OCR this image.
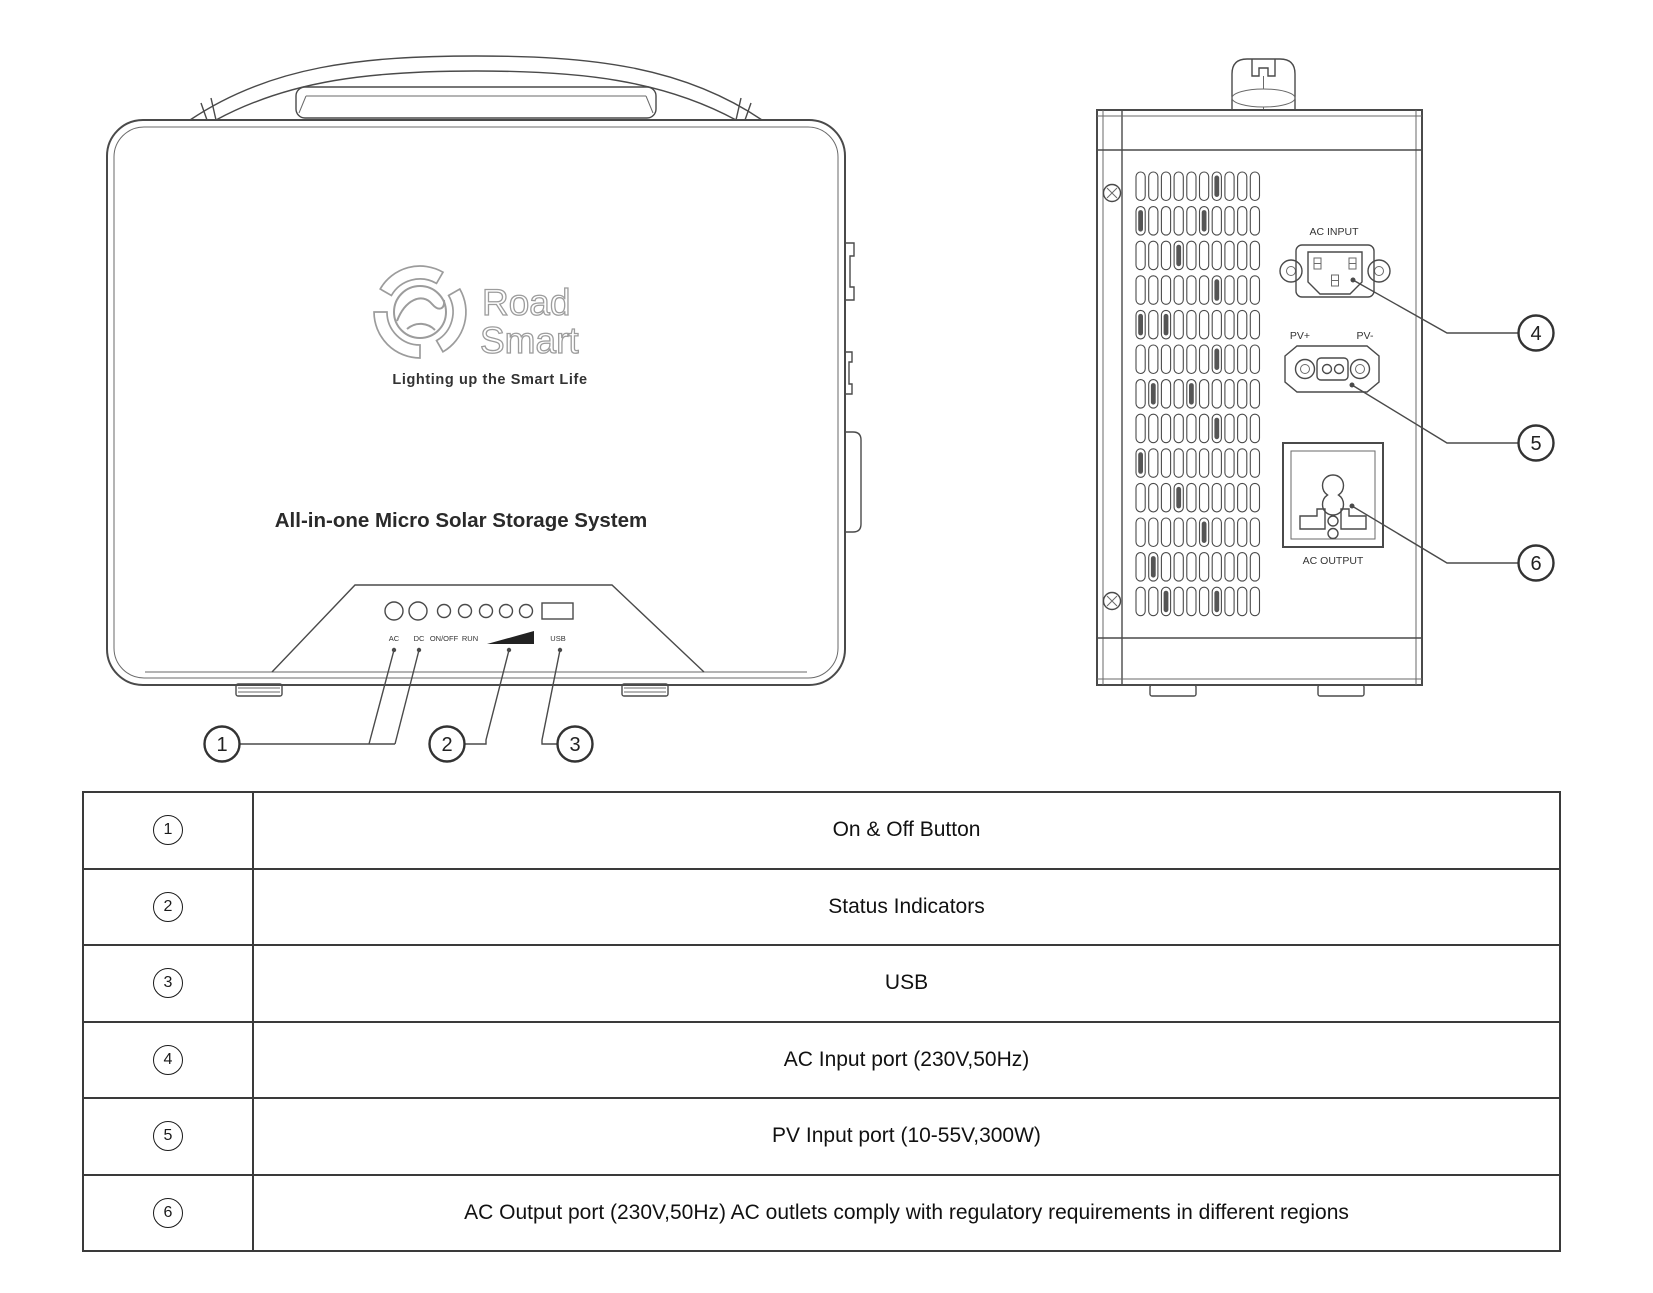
Road
Smart
Lighting up the Smart Life
All-in-one Micro Solar Storage System
AC DC ON/OFF RUN	USB
1	2	3
AC INPUT
PV+	PV-
AC OUTPUT
4
5
6
1	On & Off Button
2	Status Indicators
3	USB
4	AC Input port (230V,50Hz)
5	PV Input port (10-55V,300W)
6	AC Output port (230V,50Hz) AC outlets comply with regulatory requirements in different regions
